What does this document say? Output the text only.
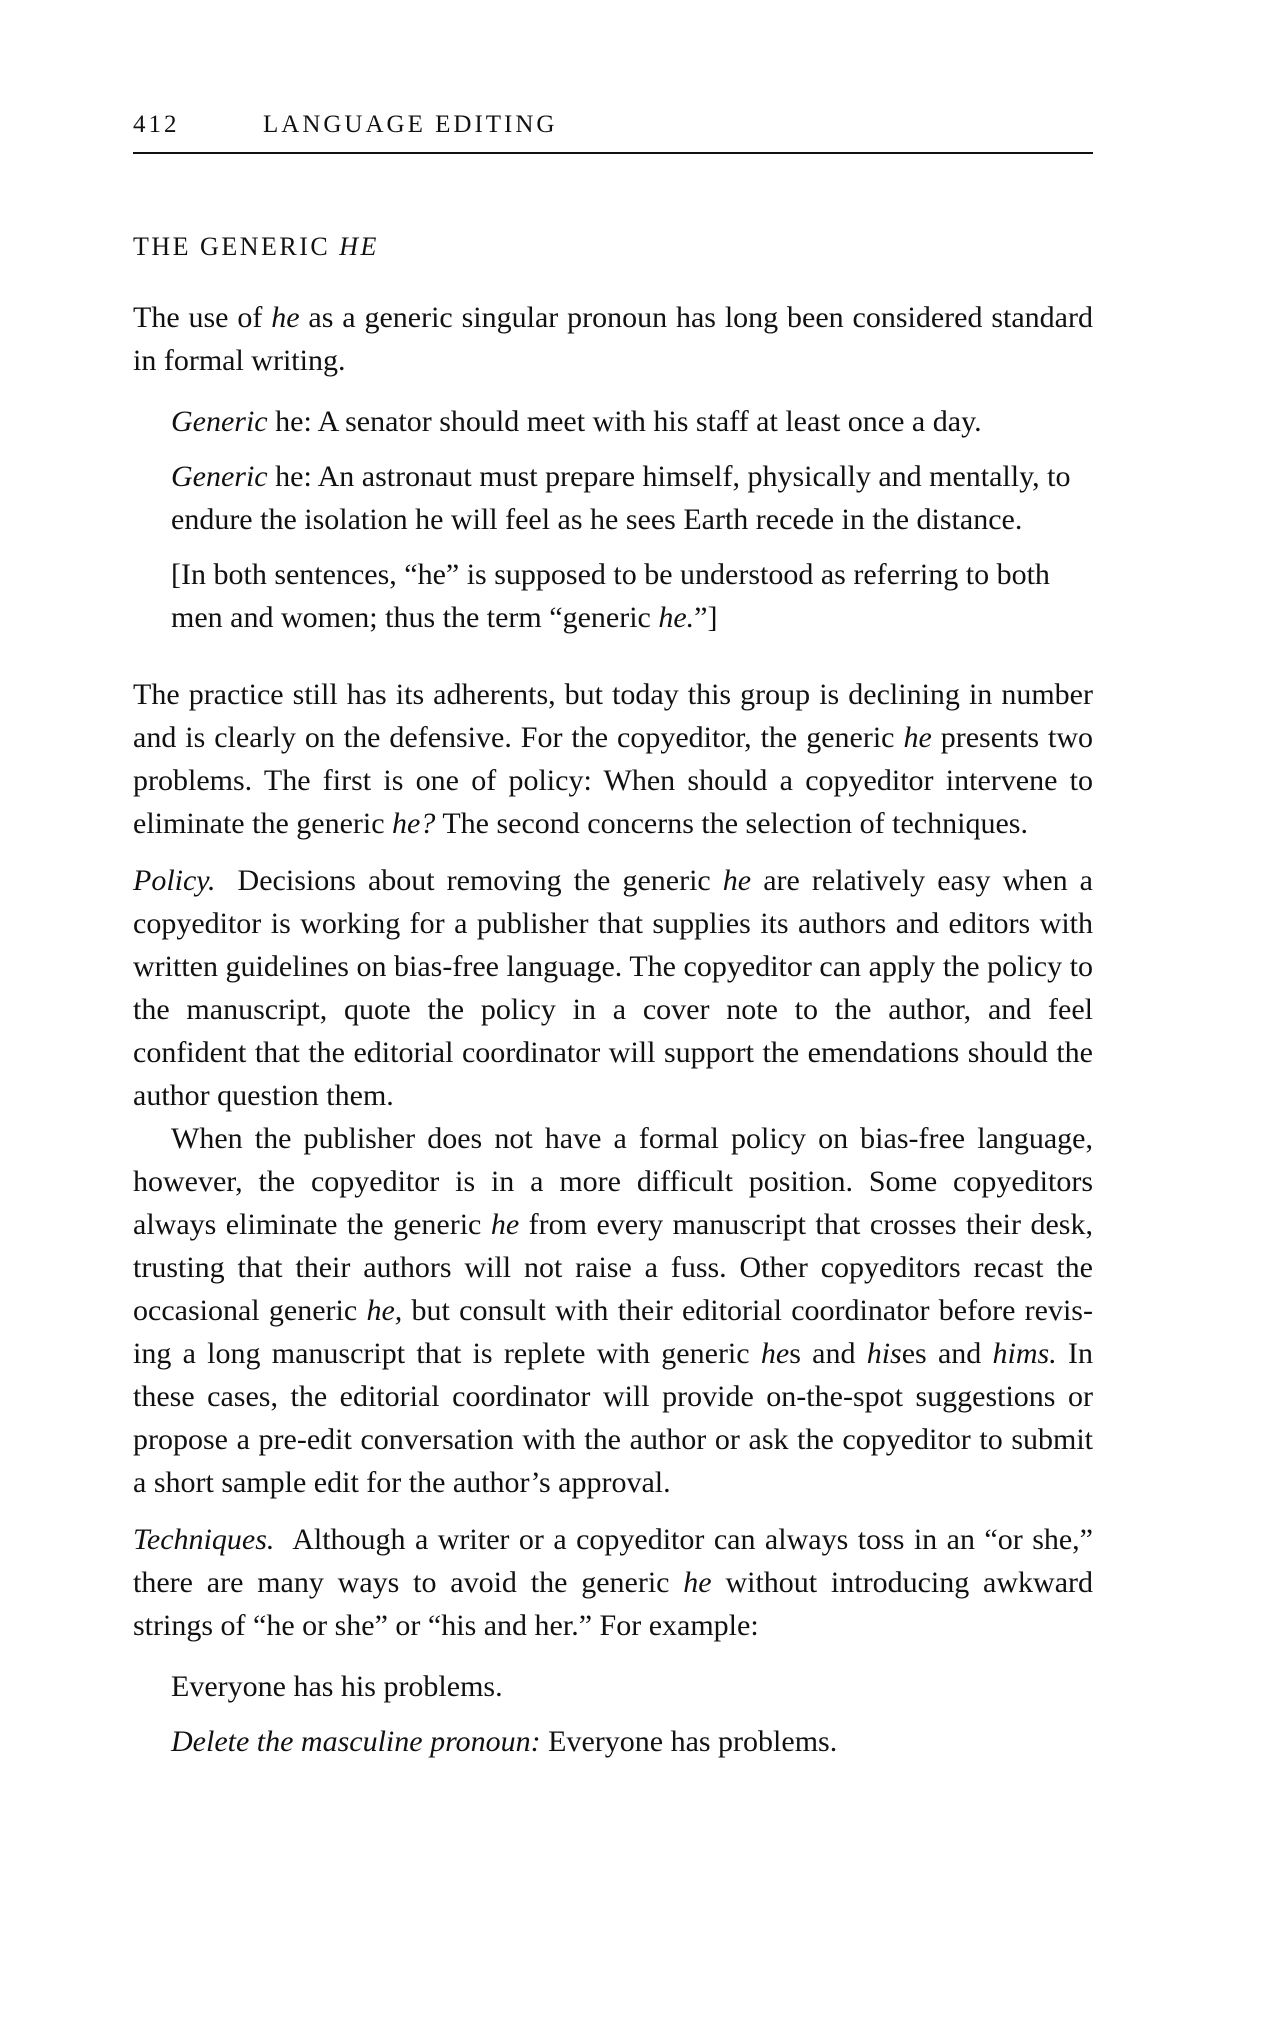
412	LANGUAGE EDITING
THE GENERIC HE

The use of he as a generic singular pronoun has long been considered standard in formal writing.

Generic he: A senator should meet with his staff at least once a day.
Generic he: An astronaut must prepare himself, physically and mentally, to endure the isolation he will feel as he sees Earth recede in the distance.
[In both sentences, “he” is supposed to be understood as referring to both men and women; thus the term “generic he.”]

The practice still has its adherents, but today this group is declining in number and is clearly on the defensive. For the copyeditor, the generic he presents two problems. The first is one of policy: When should a copyeditor intervene to eliminate the generic he? The second concerns the selection of techniques.

Policy. Decisions about removing the generic he are relatively easy when a copyeditor is working for a publisher that supplies its authors and editors with written guidelines on bias-free language. The copyeditor can apply the policy to the manuscript, quote the policy in a cover note to the author, and feel confident that the editorial coordinator will support the emendations should the author question them.

When the publisher does not have a formal policy on bias-free language, however, the copyeditor is in a more difficult position. Some copyeditors always eliminate the generic he from every manuscript that crosses their desk, trusting that their authors will not raise a fuss. Other copyeditors recast the occasional generic he, but consult with their editorial coordinator before revising a long manuscript that is replete with generic hes and hises and hims. In these cases, the editorial coordinator will provide on-the-spot suggestions or propose a pre-edit conversation with the author or ask the copyeditor to submit a short sample edit for the author’s approval.

Techniques. Although a writer or a copyeditor can always toss in an “or she,” there are many ways to avoid the generic he without introducing awkward strings of “he or she” or “his and her.” For example:

Everyone has his problems.
Delete the masculine pronoun: Everyone has problems.
